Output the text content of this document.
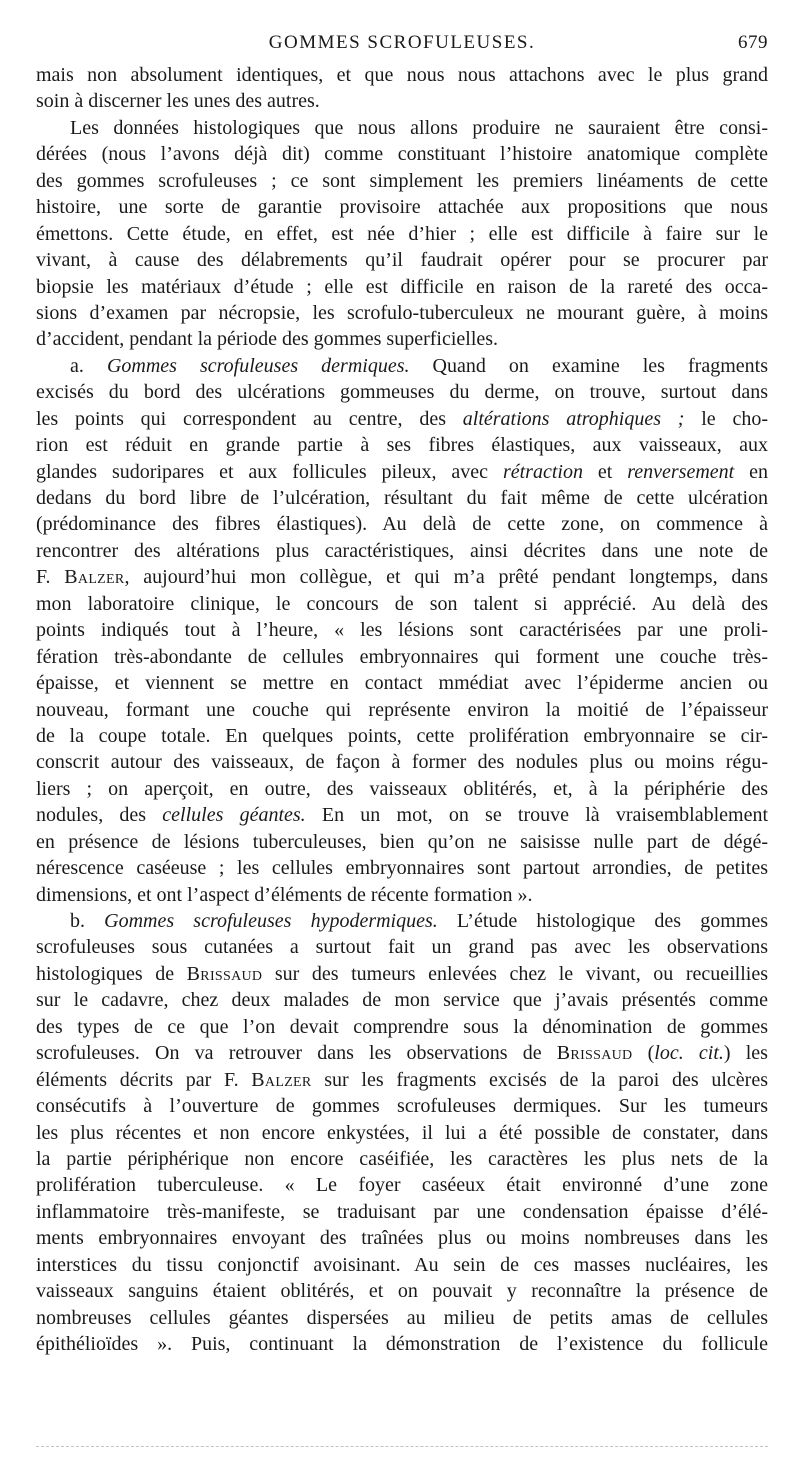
GOMMES SCROFULEUSES.	679
mais non absolument identiques, et que nous nous attachons avec le plus grand
soin à discerner les unes des autres.
Les données histologiques que nous allons produire ne sauraient être consi-
dérées (nous l’avons déjà dit) comme constituant l’histoire anatomique complète
des gommes scrofuleuses ; ce sont simplement les premiers linéaments de cette
histoire, une sorte de garantie provisoire attachée aux propositions que nous
émettons. Cette étude, en effet, est née d’hier ; elle est difficile à faire sur le
vivant, à cause des délabrements qu’il faudrait opérer pour se procurer par
biopsie les matériaux d’étude ; elle est difficile en raison de la rareté des occa-
sions d’examen par nécropsie, les scrofulo-tuberculeux ne mourant guère, à moins
d’accident, pendant la période des gommes superficielles.
a. Gommes scrofuleuses dermiques. Quand on examine les fragments
excisés du bord des ulcérations gommeuses du derme, on trouve, surtout dans
les points qui correspondent au centre, des altérations atrophiques ; le cho-
rion est réduit en grande partie à ses fibres élastiques, aux vaisseaux, aux
glandes sudoripares et aux follicules pileux, avec rétraction et renversement en
dedans du bord libre de l’ulcération, résultant du fait même de cette ulcération
(prédominance des fibres élastiques). Au delà de cette zone, on commence à
rencontrer des altérations plus caractéristiques, ainsi décrites dans une note de
F. Balzer, aujourd’hui mon collègue, et qui m’a prêté pendant longtemps, dans
mon laboratoire clinique, le concours de son talent si apprécié. Au delà des
points indiqués tout à l’heure, « les lésions sont caractérisées par une proli-
fération très-abondante de cellules embryonnaires qui forment une couche très-
épaisse, et viennent se mettre en contact mmédiat avec l’épiderme ancien ou
nouveau, formant une couche qui représente environ la moitié de l’épaisseur
de la coupe totale. En quelques points, cette prolifération embryonnaire se cir-
conscrit autour des vaisseaux, de façon à former des nodules plus ou moins régu-
liers ; on aperçoit, en outre, des vaisseaux oblitérés, et, à la périphérie des
nodules, des cellules géantes. En un mot, on se trouve là vraisemblablement
en présence de lésions tuberculeuses, bien qu’on ne saisisse nulle part de dégé-
nérescence caséeuse ; les cellules embryonnaires sont partout arrondies, de petites
dimensions, et ont l’aspect d’éléments de récente formation ».
b. Gommes scrofuleuses hypodermiques. L’étude histologique des gommes
scrofuleuses sous cutanées a surtout fait un grand pas avec les observations
histologiques de Brissaud sur des tumeurs enlevées chez le vivant, ou recueillies
sur le cadavre, chez deux malades de mon service que j’avais présentés comme
des types de ce que l’on devait comprendre sous la dénomination de gommes
scrofuleuses. On va retrouver dans les observations de Brissaud (loc. cit.) les
éléments décrits par F. Balzer sur les fragments excisés de la paroi des ulcères
consécutifs à l’ouverture de gommes scrofuleuses dermiques. Sur les tumeurs
les plus récentes et non encore enkystées, il lui a été possible de constater, dans
la partie périphérique non encore caséifiée, les caractères les plus nets de la
prolifération tuberculeuse. « Le foyer caséeux était environné d’une zone
inflammatoire très-manifeste, se traduisant par une condensation épaisse d’élé-
ments embryonnaires envoyant des traînées plus ou moins nombreuses dans les
interstices du tissu conjonctif avoisinant. Au sein de ces masses nucléaires, les
vaisseaux sanguins étaient oblitérés, et on pouvait y reconnaître la présence de
nombreuses cellules géantes dispersées au milieu de petits amas de cellules
épithélioïdes ». Puis, continuant la démonstration de l’existence du follicule
